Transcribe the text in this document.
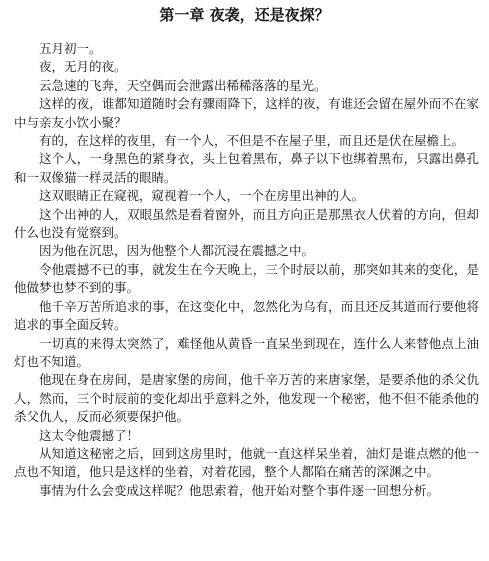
第一章 夜袭，还是夜探？

五月初一。

夜，无月的夜。

云急速的飞奔，天空偶而会泄露出稀稀落落的星光。

这样的夜，谁都知道随时会有骤雨降下，这样的夜，有谁还会留在屋外而不在家中与亲友小饮小聚？

有的，在这样的夜里，有一个人，不但是不在屋子里，而且还是伏在屋檐上。

这个人，一身黑色的紧身衣，头上包着黑布，鼻子以下也绑着黑布，只露出鼻孔和一双像猫一样灵活的眼睛。

这双眼睛正在窥视，窥视着一个人，一个在房里出神的人。

这个出神的人，双眼虽然是看着窗外，而且方向正是那黑衣人伏着的方向，但却什么也没有觉察到。

因为他在沉思，因为他整个人都沉浸在震撼之中。

令他震撼不已的事，就发生在今天晚上，三个时辰以前，那突如其来的变化，是他做梦也梦不到的事。

他千辛万苦所追求的事，在这变化中，忽然化为乌有，而且还反其道而行要他将追求的事全面反转。

一切真的来得太突然了，难怪他从黄昏一直呆坐到现在，连什么人来替他点上油灯也不知道。

他现在身在房间，是唐家堡的房间，他千辛万苦的来唐家堡，是要杀他的杀父仇人，然而，三个时辰前的变化却出乎意料之外，他发现一个秘密，他不但不能杀他的杀父仇人，反而必须要保护他。

这太令他震撼了！

从知道这秘密之后，回到这房里时，他就一直这样呆坐着，油灯是谁点燃的他一点也不知道，他只是这样的坐着，对着花园，整个人都陷在痛苦的深渊之中。

事情为什么会变成这样呢？他思索着，他开始对整个事件逐一回想分析。
